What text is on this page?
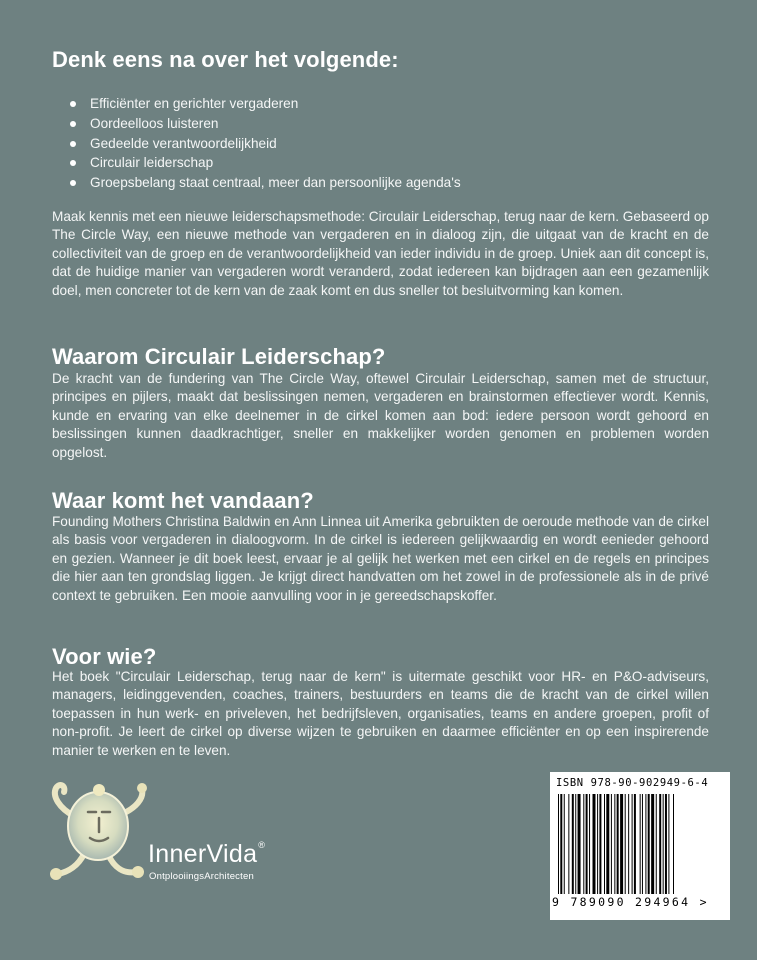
Denk eens na over het volgende:
Efficiënter en gerichter vergaderen
Oordeelloos luisteren
Gedeelde verantwoordelijkheid
Circulair leiderschap
Groepsbelang staat centraal, meer dan persoonlijke agenda's

Maak kennis met een nieuwe leiderschapsmethode: Circulair Leiderschap, terug naar de kern. Gebaseerd op The Circle Way, een nieuwe methode van vergaderen en in dialoog zijn, die uitgaat van de kracht en de collectiviteit van de groep en de verantwoordelijkheid van ieder individu in de groep. Uniek aan dit concept is, dat de huidige manier van vergaderen wordt veranderd, zodat iedereen kan bijdragen aan een gezamenlijk doel, men concreter tot de kern van de zaak komt en dus sneller tot besluitvorming kan komen.

Waarom Circulair Leiderschap?

De kracht van de fundering van The Circle Way, oftewel Circulair Leiderschap, samen met de structuur, principes en pijlers, maakt dat beslissingen nemen, vergaderen en brainstormen effectiever wordt. Kennis, kunde en ervaring van elke deelnemer in de cirkel komen aan bod: iedere persoon wordt gehoord en beslissingen kunnen daadkrachtiger, sneller en makkelijker worden genomen en problemen worden opgelost.

Waar komt het vandaan?

Founding Mothers Christina Baldwin en Ann Linnea uit Amerika gebruikten de oeroude methode van de cirkel als basis voor vergaderen in dialoogvorm. In de cirkel is iedereen gelijkwaardig en wordt eenieder gehoord en gezien. Wanneer je dit boek leest, ervaar je al gelijk het werken met een cirkel en de regels en principes die hier aan ten grondslag liggen. Je krijgt direct handvatten om het zowel in de professionele als in de privé context te gebruiken. Een mooie aanvulling voor in je gereedschapskoffer.

Voor wie?

Het boek "Circulair Leiderschap, terug naar de kern" is uitermate geschikt voor HR- en P&O-adviseurs, managers, leidinggevenden, coaches, trainers, bestuurders en teams die de kracht van de cirkel willen toepassen in hun werk- en priveleven, het bedrijfsleven, organisaties, teams en andere groepen, profit of non-profit. Je leert de cirkel op diverse wijzen te gebruiken en daarmee efficiënter en op een inspirerende manier te werken en te leven.

InnerVida®
OntplooiingsArchitecten
ISBN 978-90-902949-6-4
9 789090 294964 >
